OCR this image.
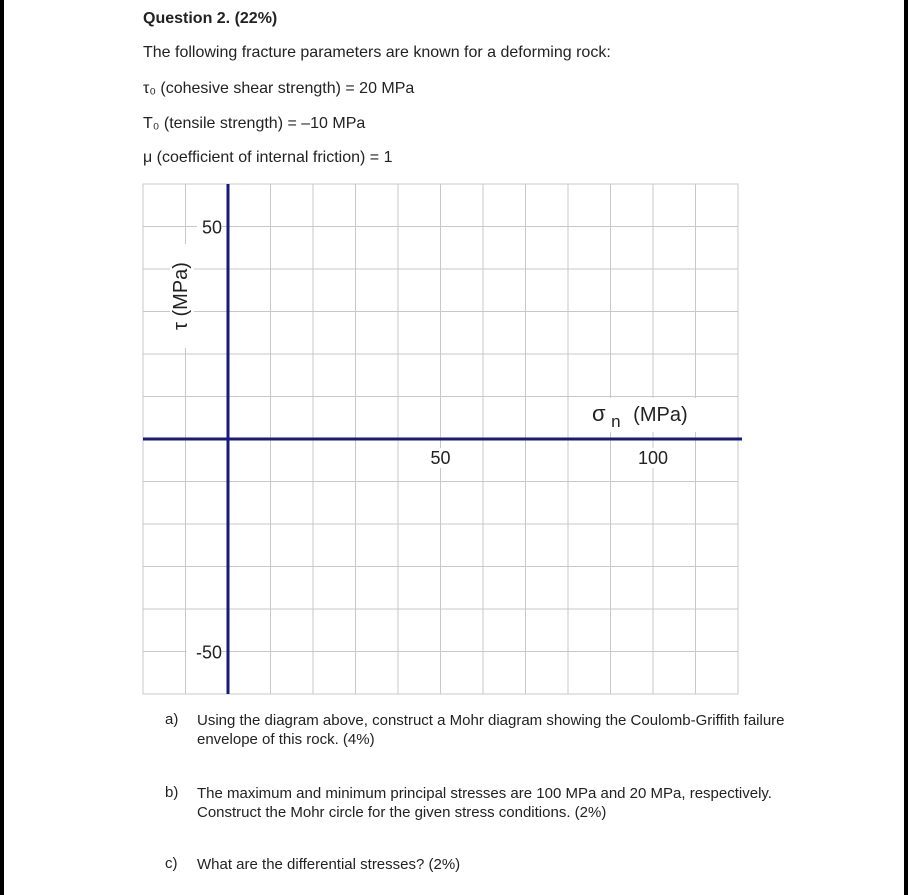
Question 2. (22%)
The following fracture parameters are known for a deforming rock:
τ₀ (cohesive shear strength) = 20 MPa
T₀ (tensile strength) = –10 MPa
μ (coefficient of internal friction) = 1
τ (MPa)
σ $_n$ (MPa)
50	100
50
-50
a) Using the diagram above, construct a Mohr diagram showing the Coulomb-Griffith failure envelope of this rock. (4%)
b) The maximum and minimum principal stresses are 100 MPa and 20 MPa, respectively. Construct the Mohr circle for the given stress conditions. (2%)
c) What are the differential stresses? (2%)
